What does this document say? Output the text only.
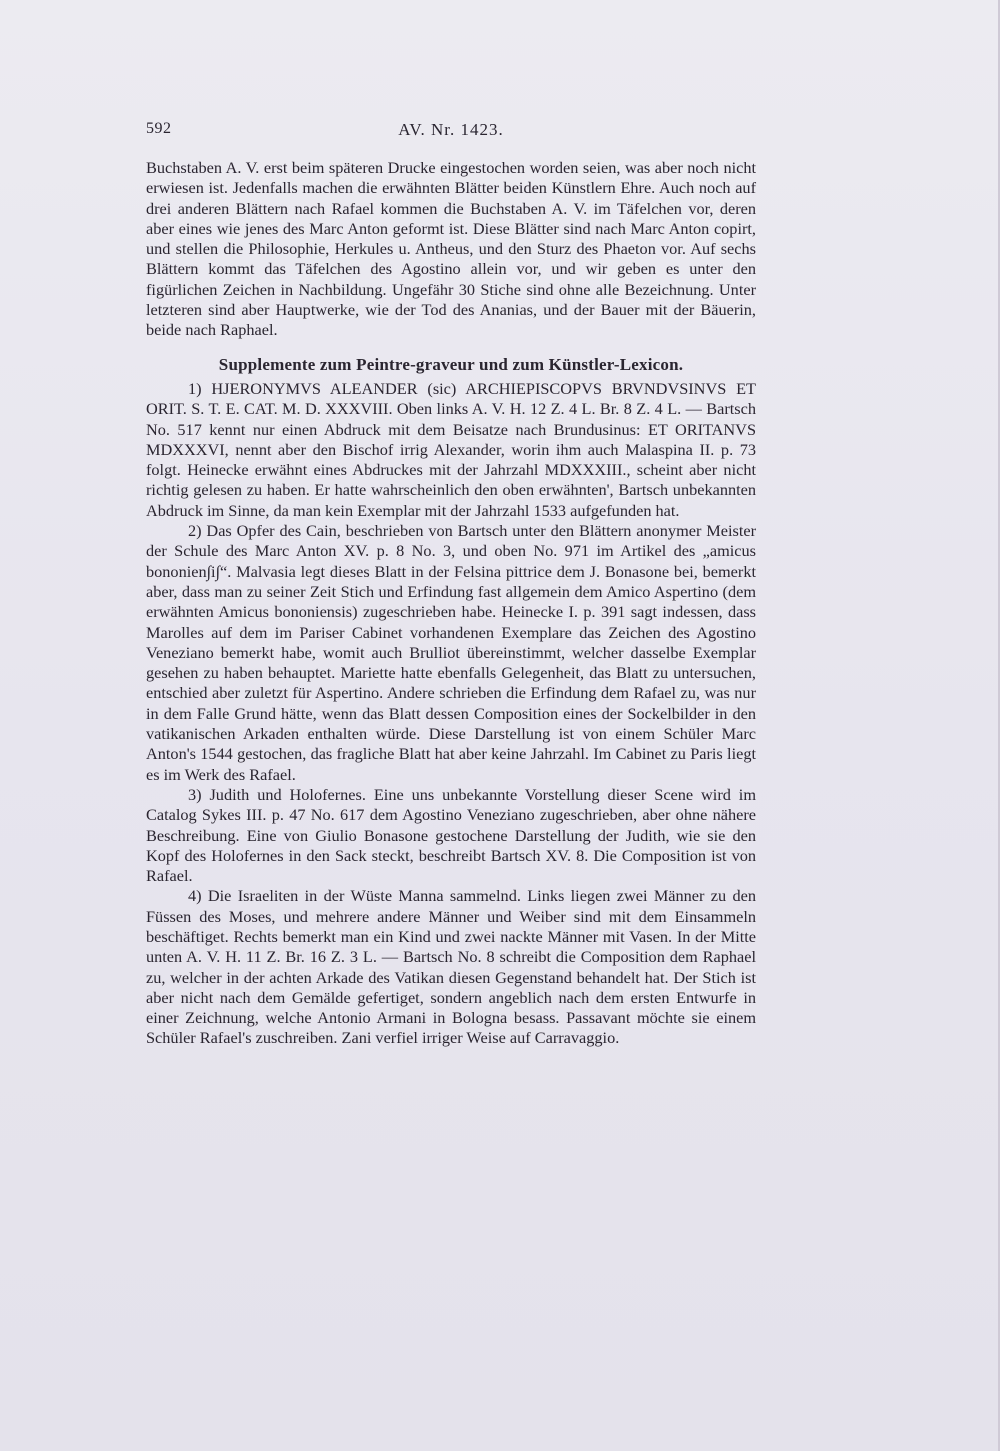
592	AV. Nr. 1423.

Buchstaben A. V. erst beim späteren Drucke eingestochen worden seien, was aber noch nicht erwiesen ist. Jedenfalls machen die erwähnten Blätter beiden Künstlern Ehre. Auch noch auf drei anderen Blättern nach Rafael kommen die Buchstaben A. V. im Täfelchen vor, deren aber eines wie jenes des Marc Anton geformt ist. Diese Blätter sind nach Marc Anton copirt, und stellen die Philosophie, Herkules u. Antheus, und den Sturz des Phaeton vor. Auf sechs Blättern kommt das Täfelchen des Agostino allein vor, und wir geben es unter den figürlichen Zeichen in Nachbildung. Ungefähr 30 Stiche sind ohne alle Bezeichnung. Unter letzteren sind aber Hauptwerke, wie der Tod des Ananias, und der Bauer mit der Bäuerin, beide nach Raphael.

Supplemente zum Peintre-graveur und zum Künstler-Lexicon.

1) HJERONYMVS ALEANDER (sic) ARCHIEPISCOPVS BRVNDVSINVS ET ORIT. S. T. E. CAT. M. D. XXXVIII. Oben links A. V. H. 12 Z. 4 L. Br. 8 Z. 4 L. — Bartsch No. 517 kennt nur einen Abdruck mit dem Beisatze nach Brundusinus: ET ORITANVS MDXXXVI, nennt aber den Bischof irrig Alexander, worin ihm auch Malaspina II. p. 73 folgt. Heinecke erwähnt eines Abdruckes mit der Jahrzahl MDXXXIII., scheint aber nicht richtig gelesen zu haben. Er hatte wahrscheinlich den oben erwähnten', Bartsch unbekannten Abdruck im Sinne, da man kein Exemplar mit der Jahrzahl 1533 aufgefunden hat.

2) Das Opfer des Cain, beschrieben von Bartsch unter den Blättern anonymer Meister der Schule des Marc Anton XV. p. 8 No. 3, und oben No. 971 im Artikel des „amicus bononien∫i∫“. Malvasia legt dieses Blatt in der Felsina pittrice dem J. Bonasone bei, bemerkt aber, dass man zu seiner Zeit Stich und Erfindung fast allgemein dem Amico Aspertino (dem erwähnten Amicus bononiensis) zugeschrieben habe. Heinecke I. p. 391 sagt indessen, dass Marolles auf dem im Pariser Cabinet vorhandenen Exemplare das Zeichen des Agostino Veneziano bemerkt habe, womit auch Brulliot übereinstimmt, welcher dasselbe Exemplar gesehen zu haben behauptet. Mariette hatte ebenfalls Gelegenheit, das Blatt zu untersuchen, entschied aber zuletzt für Aspertino. Andere schrieben die Erfindung dem Rafael zu, was nur in dem Falle Grund hätte, wenn das Blatt dessen Composition eines der Sockelbilder in den vatikanischen Arkaden enthalten würde. Diese Darstellung ist von einem Schüler Marc Anton's 1544 gestochen, das fragliche Blatt hat aber keine Jahrzahl. Im Cabinet zu Paris liegt es im Werk des Rafael.

3) Judith und Holofernes. Eine uns unbekannte Vorstellung dieser Scene wird im Catalog Sykes III. p. 47 No. 617 dem Agostino Veneziano zugeschrieben, aber ohne nähere Beschreibung. Eine von Giulio Bonasone gestochene Darstellung der Judith, wie sie den Kopf des Holofernes in den Sack steckt, beschreibt Bartsch XV. 8. Die Composition ist von Rafael.

4) Die Israeliten in der Wüste Manna sammelnd. Links liegen zwei Männer zu den Füssen des Moses, und mehrere andere Männer und Weiber sind mit dem Einsammeln beschäftiget. Rechts bemerkt man ein Kind und zwei nackte Männer mit Vasen. In der Mitte unten A. V. H. 11 Z. Br. 16 Z. 3 L. — Bartsch No. 8 schreibt die Composition dem Raphael zu, welcher in der achten Arkade des Vatikan diesen Gegenstand behandelt hat. Der Stich ist aber nicht nach dem Gemälde gefertiget, sondern angeblich nach dem ersten Entwurfe in einer Zeichnung, welche Antonio Armani in Bologna besass. Passavant möchte sie einem Schüler Rafael's zuschreiben. Zani verfiel irriger Weise auf Carravaggio.
